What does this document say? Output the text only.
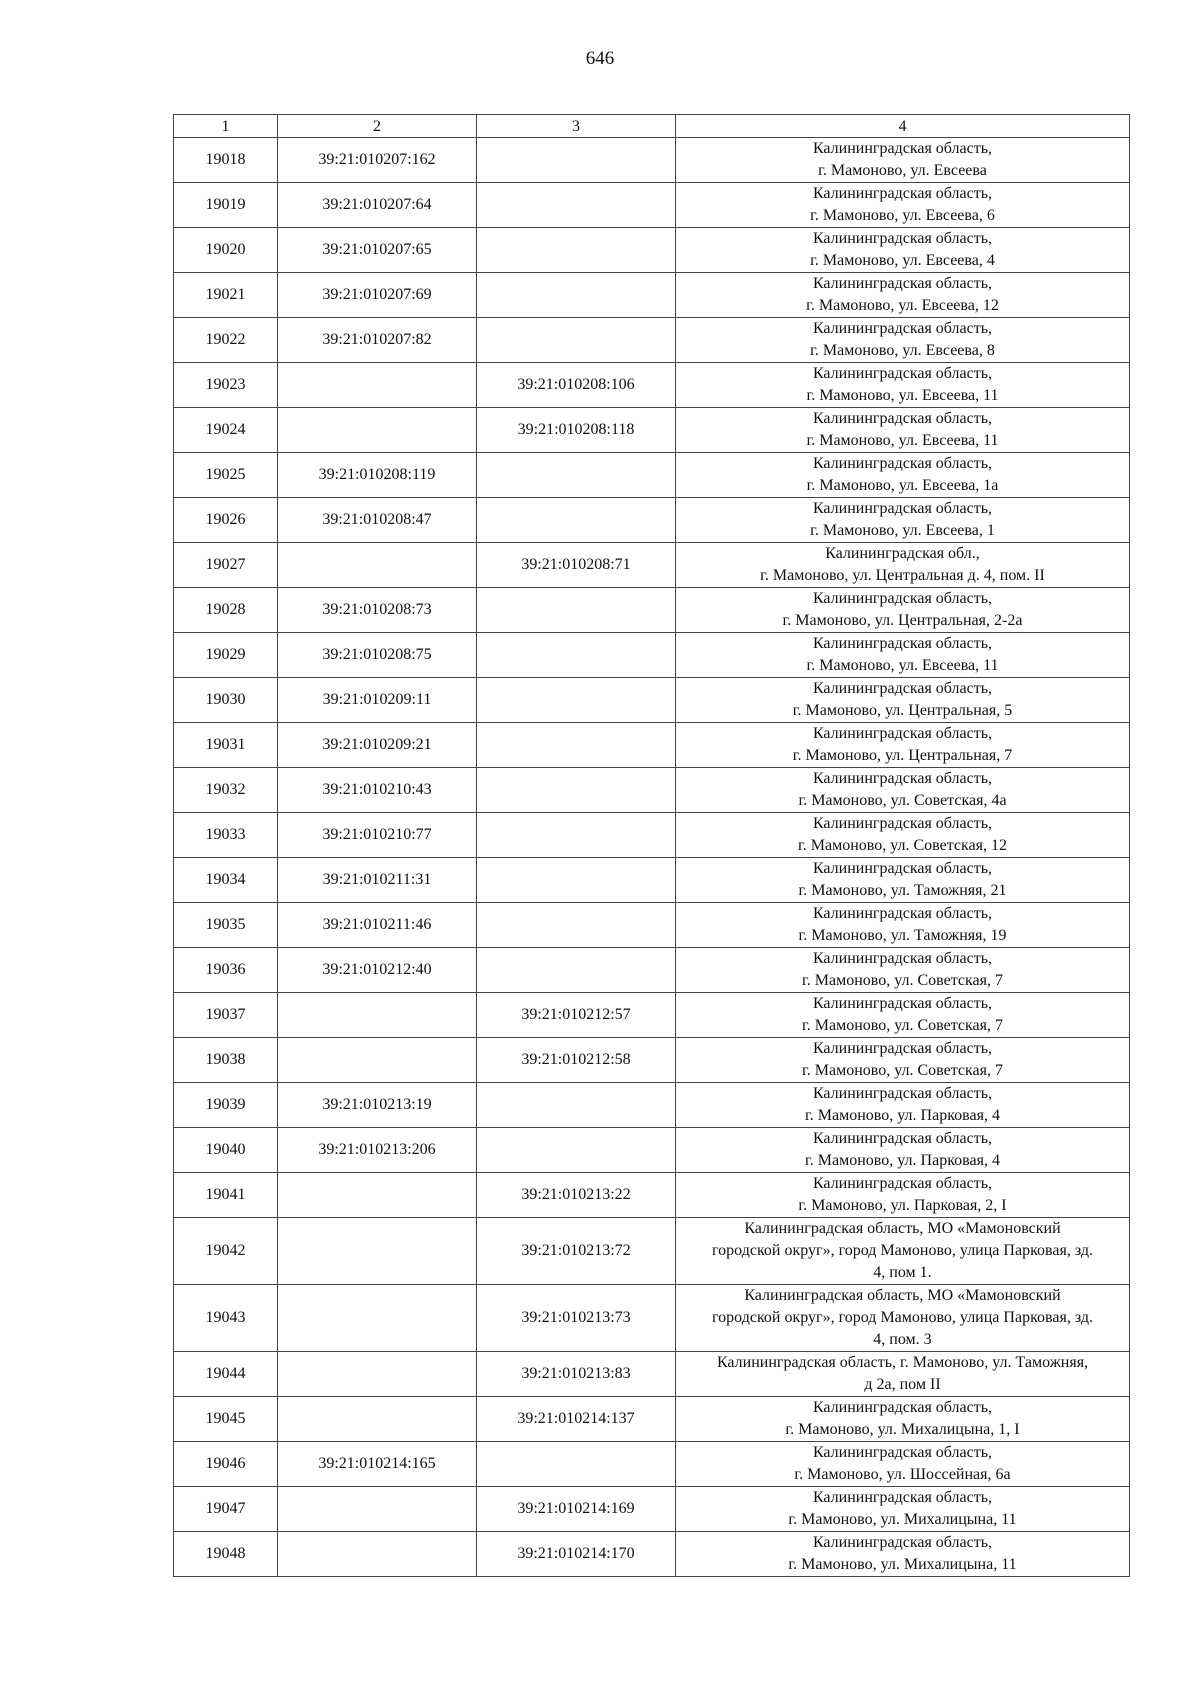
646
1	2	3	4
19018	39:21:010207:162		Калининградская область,
г. Мамоново, ул. Евсеева

19019	39:21:010207:64		Калининградская область,
г. Мамоново, ул. Евсеева, 6

19020	39:21:010207:65		Калининградская область,
г. Мамоново, ул. Евсеева, 4

19021	39:21:010207:69		Калининградская область,
г. Мамоново, ул. Евсеева, 12

19022	39:21:010207:82		Калининградская область,
г. Мамоново, ул. Евсеева, 8

19023		39:21:010208:106	Калининградская область,
г. Мамоново, ул. Евсеева, 11

19024		39:21:010208:118	Калининградская область,
г. Мамоново, ул. Евсеева, 11

19025	39:21:010208:119		Калининградская область,
г. Мамоново, ул. Евсеева, 1а

19026	39:21:010208:47		Калининградская область,
г. Мамоново, ул. Евсеева, 1

19027		39:21:010208:71	Калининградская обл.,
г. Мамоново, ул. Центральная д. 4, пом. II

19028	39:21:010208:73		Калининградская область,
г. Мамоново, ул. Центральная, 2-2а

19029	39:21:010208:75		Калининградская область,
г. Мамоново, ул. Евсеева, 11

19030	39:21:010209:11		Калининградская область,
г. Мамоново, ул. Центральная, 5

19031	39:21:010209:21		Калининградская область,
г. Мамоново, ул. Центральная, 7

19032	39:21:010210:43		Калининградская область,
г. Мамоново, ул. Советская, 4а

19033	39:21:010210:77		Калининградская область,
г. Мамоново, ул. Советская, 12

19034	39:21:010211:31		Калининградская область,
г. Мамоново, ул. Таможняя, 21

19035	39:21:010211:46		Калининградская область,
г. Мамоново, ул. Таможняя, 19

19036	39:21:010212:40		Калининградская область,
г. Мамоново, ул. Советская, 7

19037		39:21:010212:57	Калининградская область,
г. Мамоново, ул. Советская, 7

19038		39:21:010212:58	Калининградская область,
г. Мамоново, ул. Советская, 7

19039	39:21:010213:19		Калининградская область,
г. Мамоново, ул. Парковая, 4

19040	39:21:010213:206		Калининградская область,
г. Мамоново, ул. Парковая, 4

19041		39:21:010213:22	Калининградская область,
г. Мамоново, ул. Парковая, 2, I

19042		39:21:010213:72	Калининградская область, МО «Мамоновский
городской округ», город Мамоново, улица Парковая, зд.
4, пом 1.

19043		39:21:010213:73	Калининградская область, МО «Мамоновский
городской округ», город Мамоново, улица Парковая, зд.
4, пом. 3

19044		39:21:010213:83	Калининградская область, г. Мамоново, ул. Таможняя,
д 2а, пом II

19045		39:21:010214:137	Калининградская область,
г. Мамоново, ул. Михалицына, 1, I

19046	39:21:010214:165		Калининградская область,
г. Мамоново, ул. Шоссейная, 6а

19047		39:21:010214:169	Калининградская область,
г. Мамоново, ул. Михалицына, 11

19048		39:21:010214:170	Калининградская область,
г. Мамоново, ул. Михалицына, 11
